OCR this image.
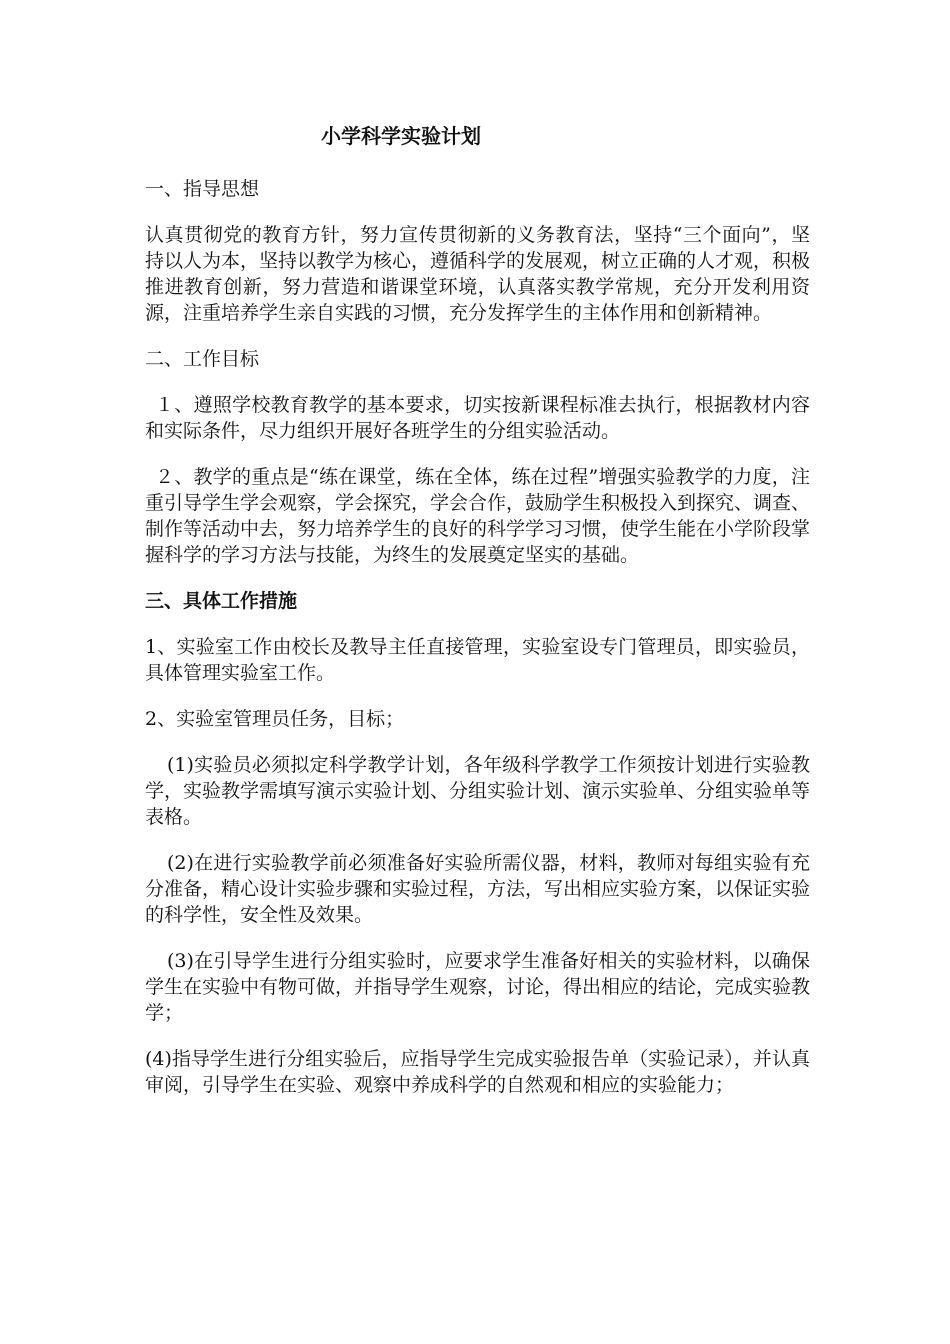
小学科学实验计划
一、指导思想
认真贯彻党的教育方针，努力宣传贯彻新的义务教育法，坚持“三个面向”，坚持以人为本，坚持以教学为核心，遵循科学的发展观，树立正确的人才观，积极推进教育创新，努力营造和谐课堂环境，认真落实教学常规，充分开发利用资源，注重培养学生亲自实践的习惯，充分发挥学生的主体作用和创新精神。
二、工作目标
１、遵照学校教育教学的基本要求，切实按新课程标准去执行，根据教材内容和实际条件，尽力组织开展好各班学生的分组实验活动。
２、教学的重点是“练在课堂，练在全体，练在过程”增强实验教学的力度，注重引导学生学会观察，学会探究，学会合作，鼓励学生积极投入到探究、调查、制作等活动中去，努力培养学生的良好的科学学习习惯，使学生能在小学阶段掌握科学的学习方法与技能，为终生的发展奠定坚实的基础。
三、具体工作措施
1、实验室工作由校长及教导主任直接管理，实验室设专门管理员，即实验员，具体管理实验室工作。
2、实验室管理员任务，目标；
(1)实验员必须拟定科学教学计划，各年级科学教学工作须按计划进行实验教学，实验教学需填写演示实验计划、分组实验计划、演示实验单、分组实验单等表格。
(2)在进行实验教学前必须准备好实验所需仪器，材料，教师对每组实验有充分准备，精心设计实验步骤和实验过程，方法，写出相应实验方案，以保证实验的科学性，安全性及效果。
(3)在引导学生进行分组实验时，应要求学生准备好相关的实验材料，以确保学生在实验中有物可做，并指导学生观察，讨论，得出相应的结论，完成实验教学；
(4)指导学生进行分组实验后，应指导学生完成实验报告单（实验记录），并认真审阅，引导学生在实验、观察中养成科学的自然观和相应的实验能力；
